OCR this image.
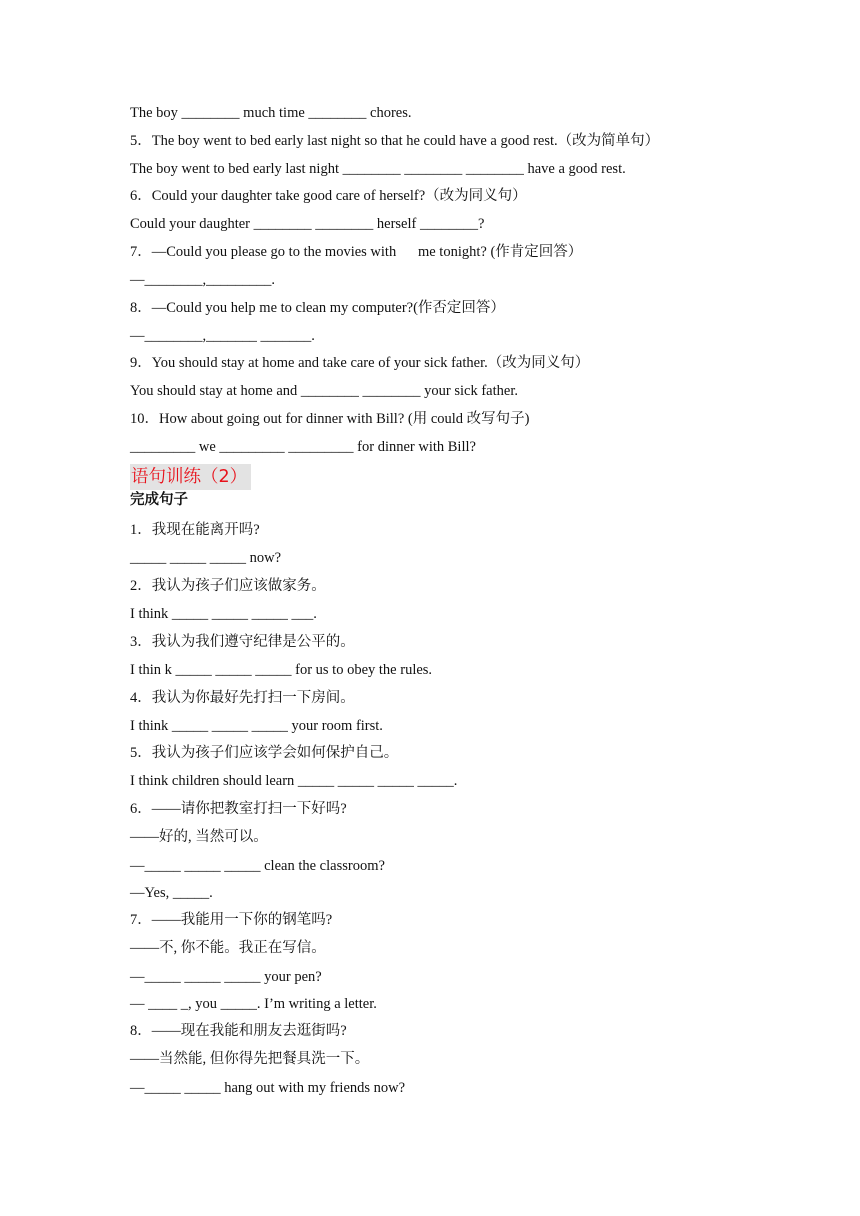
The boy ________ much time ________ chores.
5．The boy went to bed early last night so that he could have a good rest.（改为简单句）
The boy went to bed early last night ________ ________ ________ have a good rest.
6．Could your daughter take good care of herself?（改为同义句）
Could your daughter ________ ________ herself ________?
7．—Could you please go to the movies with      me tonight? (作肯定回答）
—________,_________.
8．—Could you help me to clean my computer?(作否定回答）
—________,_______ _______.
9．You should stay at home and take care of your sick father.（改为同义句）
You should stay at home and ________ ________ your sick father.
10．How about going out for dinner with Bill? (用 could 改写句子)
_________ we _________ _________ for dinner with Bill?
语句训练（2）
完成句子
1．我现在能离开吗?
_____ _____ _____ now?
2．我认为孩子们应该做家务。
I think _____ _____ _____ ___.
3．我认为我们遵守纪律是公平的。
I thin k _____ _____ _____ for us to obey the rules.
4．我认为你最好先打扫一下房间。
I think _____ _____ _____ your room first.
5．我认为孩子们应该学会如何保护自己。
I think children should learn _____ _____ _____ _____.
6．——请你把教室打扫一下好吗?
——好的, 当然可以。
—_____ _____ _____ clean the classroom?
—Yes, _____.
7．——我能用一下你的钢笔吗?
——不, 你不能。我正在写信。
—_____ _____ _____ your pen?
— ____ _, you _____. I’m writing a letter.
8．——现在我能和朋友去逛街吗?
——当然能, 但你得先把餐具洗一下。
—_____ _____ hang out with my friends now?
